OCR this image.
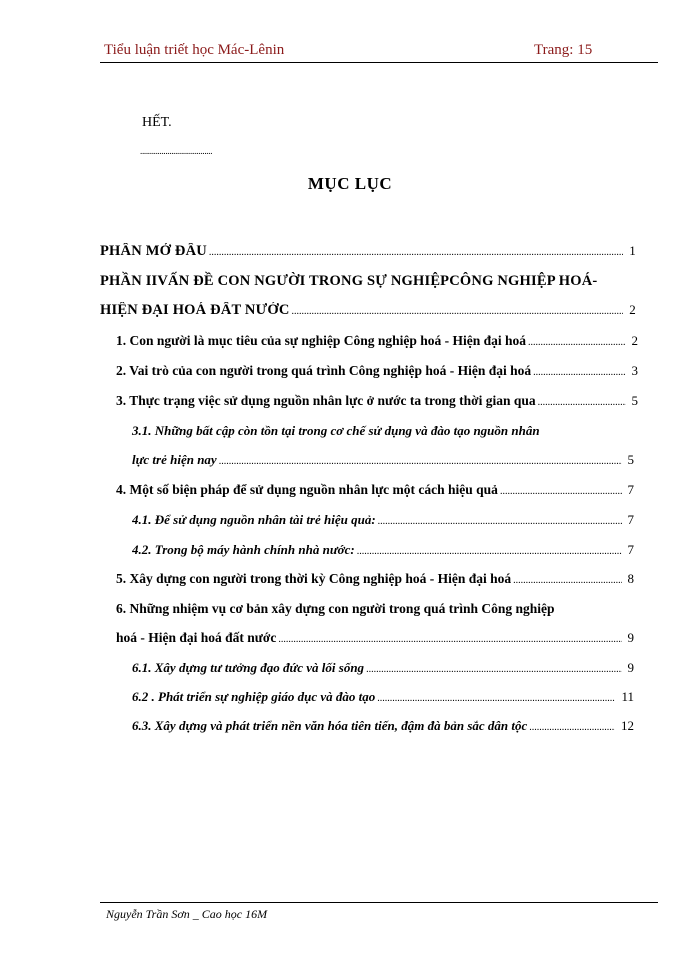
Tiểu luận triết học Mác-Lênin	Trang: 15
HẾT.
.....................................
MỤC LỤC
PHẦN MỞ ĐẦU .....	1
PHẦN IIVẤN ĐỀ CON NGƯỜI TRONG SỰ NGHIỆPCÔNG NGHIỆP HOÁ-
HIỆN ĐẠI HOÁ ĐẤT NƯỚC .....	2
1. Con người là mục tiêu của sự nghiệp Công nghiệp hoá - Hiện đại hoá .....	2
2. Vai trò của con người trong quá trình Công nghiệp hoá - Hiện đại hoá .....	3
3. Thực trạng việc sử dụng nguồn nhân lực ở nước ta trong thời gian qua .....	5
3.1. Những bất cập còn tồn tại trong cơ chế sử dụng và đào tạo nguồn nhân
lực trẻ hiện nay .....	5
4. Một số biện pháp để sử dụng nguồn nhân lực một cách hiệu quả .....	7
4.1. Để sử dụng nguồn nhân tài trẻ hiệu quả: .....	7
4.2. Trong bộ máy hành chính nhà nước: .....	7
5. Xây dựng con người trong thời kỳ Công nghiệp hoá - Hiện đại hoá .....	8
6. Những nhiệm vụ cơ bản xây dựng con người trong quá trình Công nghiệp
hoá - Hiện đại hoá đất nước .....	9
6.1. Xây dựng tư tưởng đạo đức và lối sống .....	9
6.2 . Phát triển sự nghiệp giáo dục và đào tạo .....	11
6.3. Xây dựng và phát triển nền văn hóa tiên tiến, đậm đà bản sắc dân tộc .....	12
Nguyễn Trần Sơn _ Cao học 16M
